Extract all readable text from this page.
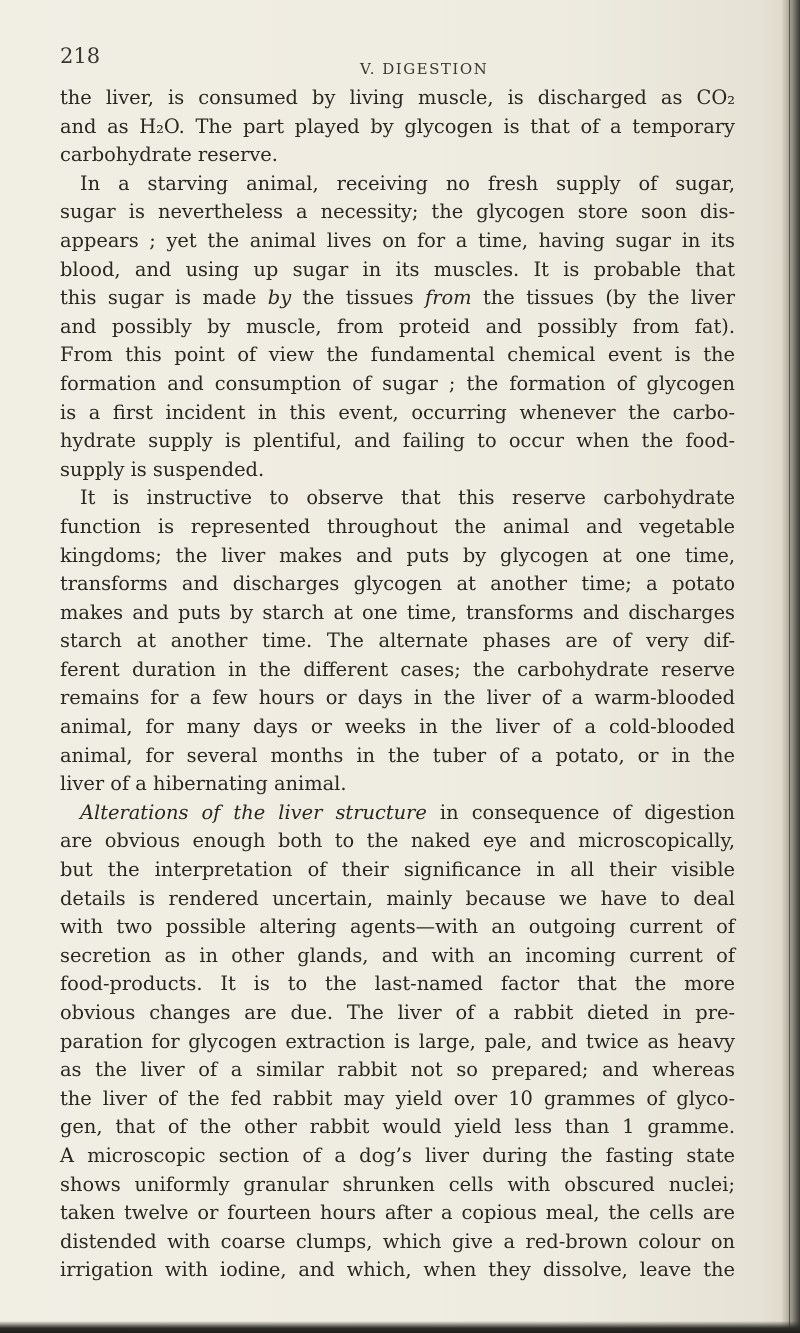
218
V. DIGESTION
the liver, is consumed by living muscle, is discharged as CO₂
and as H₂O. The part played by glycogen is that of a temporary
carbohydrate reserve.
In a starving animal, receiving no fresh supply of sugar,
sugar is nevertheless a necessity; the glycogen store soon dis-
appears ; yet the animal lives on for a time, having sugar in its
blood, and using up sugar in its muscles. It is probable that
this sugar is made by the tissues from the tissues (by the liver
and possibly by muscle, from proteid and possibly from fat).
From this point of view the fundamental chemical event is the
formation and consumption of sugar ; the formation of glycogen
is a first incident in this event, occurring whenever the carbo-
hydrate supply is plentiful, and failing to occur when the food-
supply is suspended.
It is instructive to observe that this reserve carbohydrate
function is represented throughout the animal and vegetable
kingdoms; the liver makes and puts by glycogen at one time,
transforms and discharges glycogen at another time; a potato
makes and puts by starch at one time, transforms and discharges
starch at another time. The alternate phases are of very dif-
ferent duration in the different cases; the carbohydrate reserve
remains for a few hours or days in the liver of a warm-blooded
animal, for many days or weeks in the liver of a cold-blooded
animal, for several months in the tuber of a potato, or in the
liver of a hibernating animal.
Alterations of the liver structure in consequence of digestion
are obvious enough both to the naked eye and microscopically,
but the interpretation of their significance in all their visible
details is rendered uncertain, mainly because we have to deal
with two possible altering agents—with an outgoing current of
secretion as in other glands, and with an incoming current of
food-products. It is to the last-named factor that the more
obvious changes are due. The liver of a rabbit dieted in pre-
paration for glycogen extraction is large, pale, and twice as heavy
as the liver of a similar rabbit not so prepared; and whereas
the liver of the fed rabbit may yield over 10 grammes of glyco-
gen, that of the other rabbit would yield less than 1 gramme.
A microscopic section of a dog’s liver during the fasting state
shows uniformly granular shrunken cells with obscured nuclei;
taken twelve or fourteen hours after a copious meal, the cells are
distended with coarse clumps, which give a red-brown colour on
irrigation with iodine, and which, when they dissolve, leave the
